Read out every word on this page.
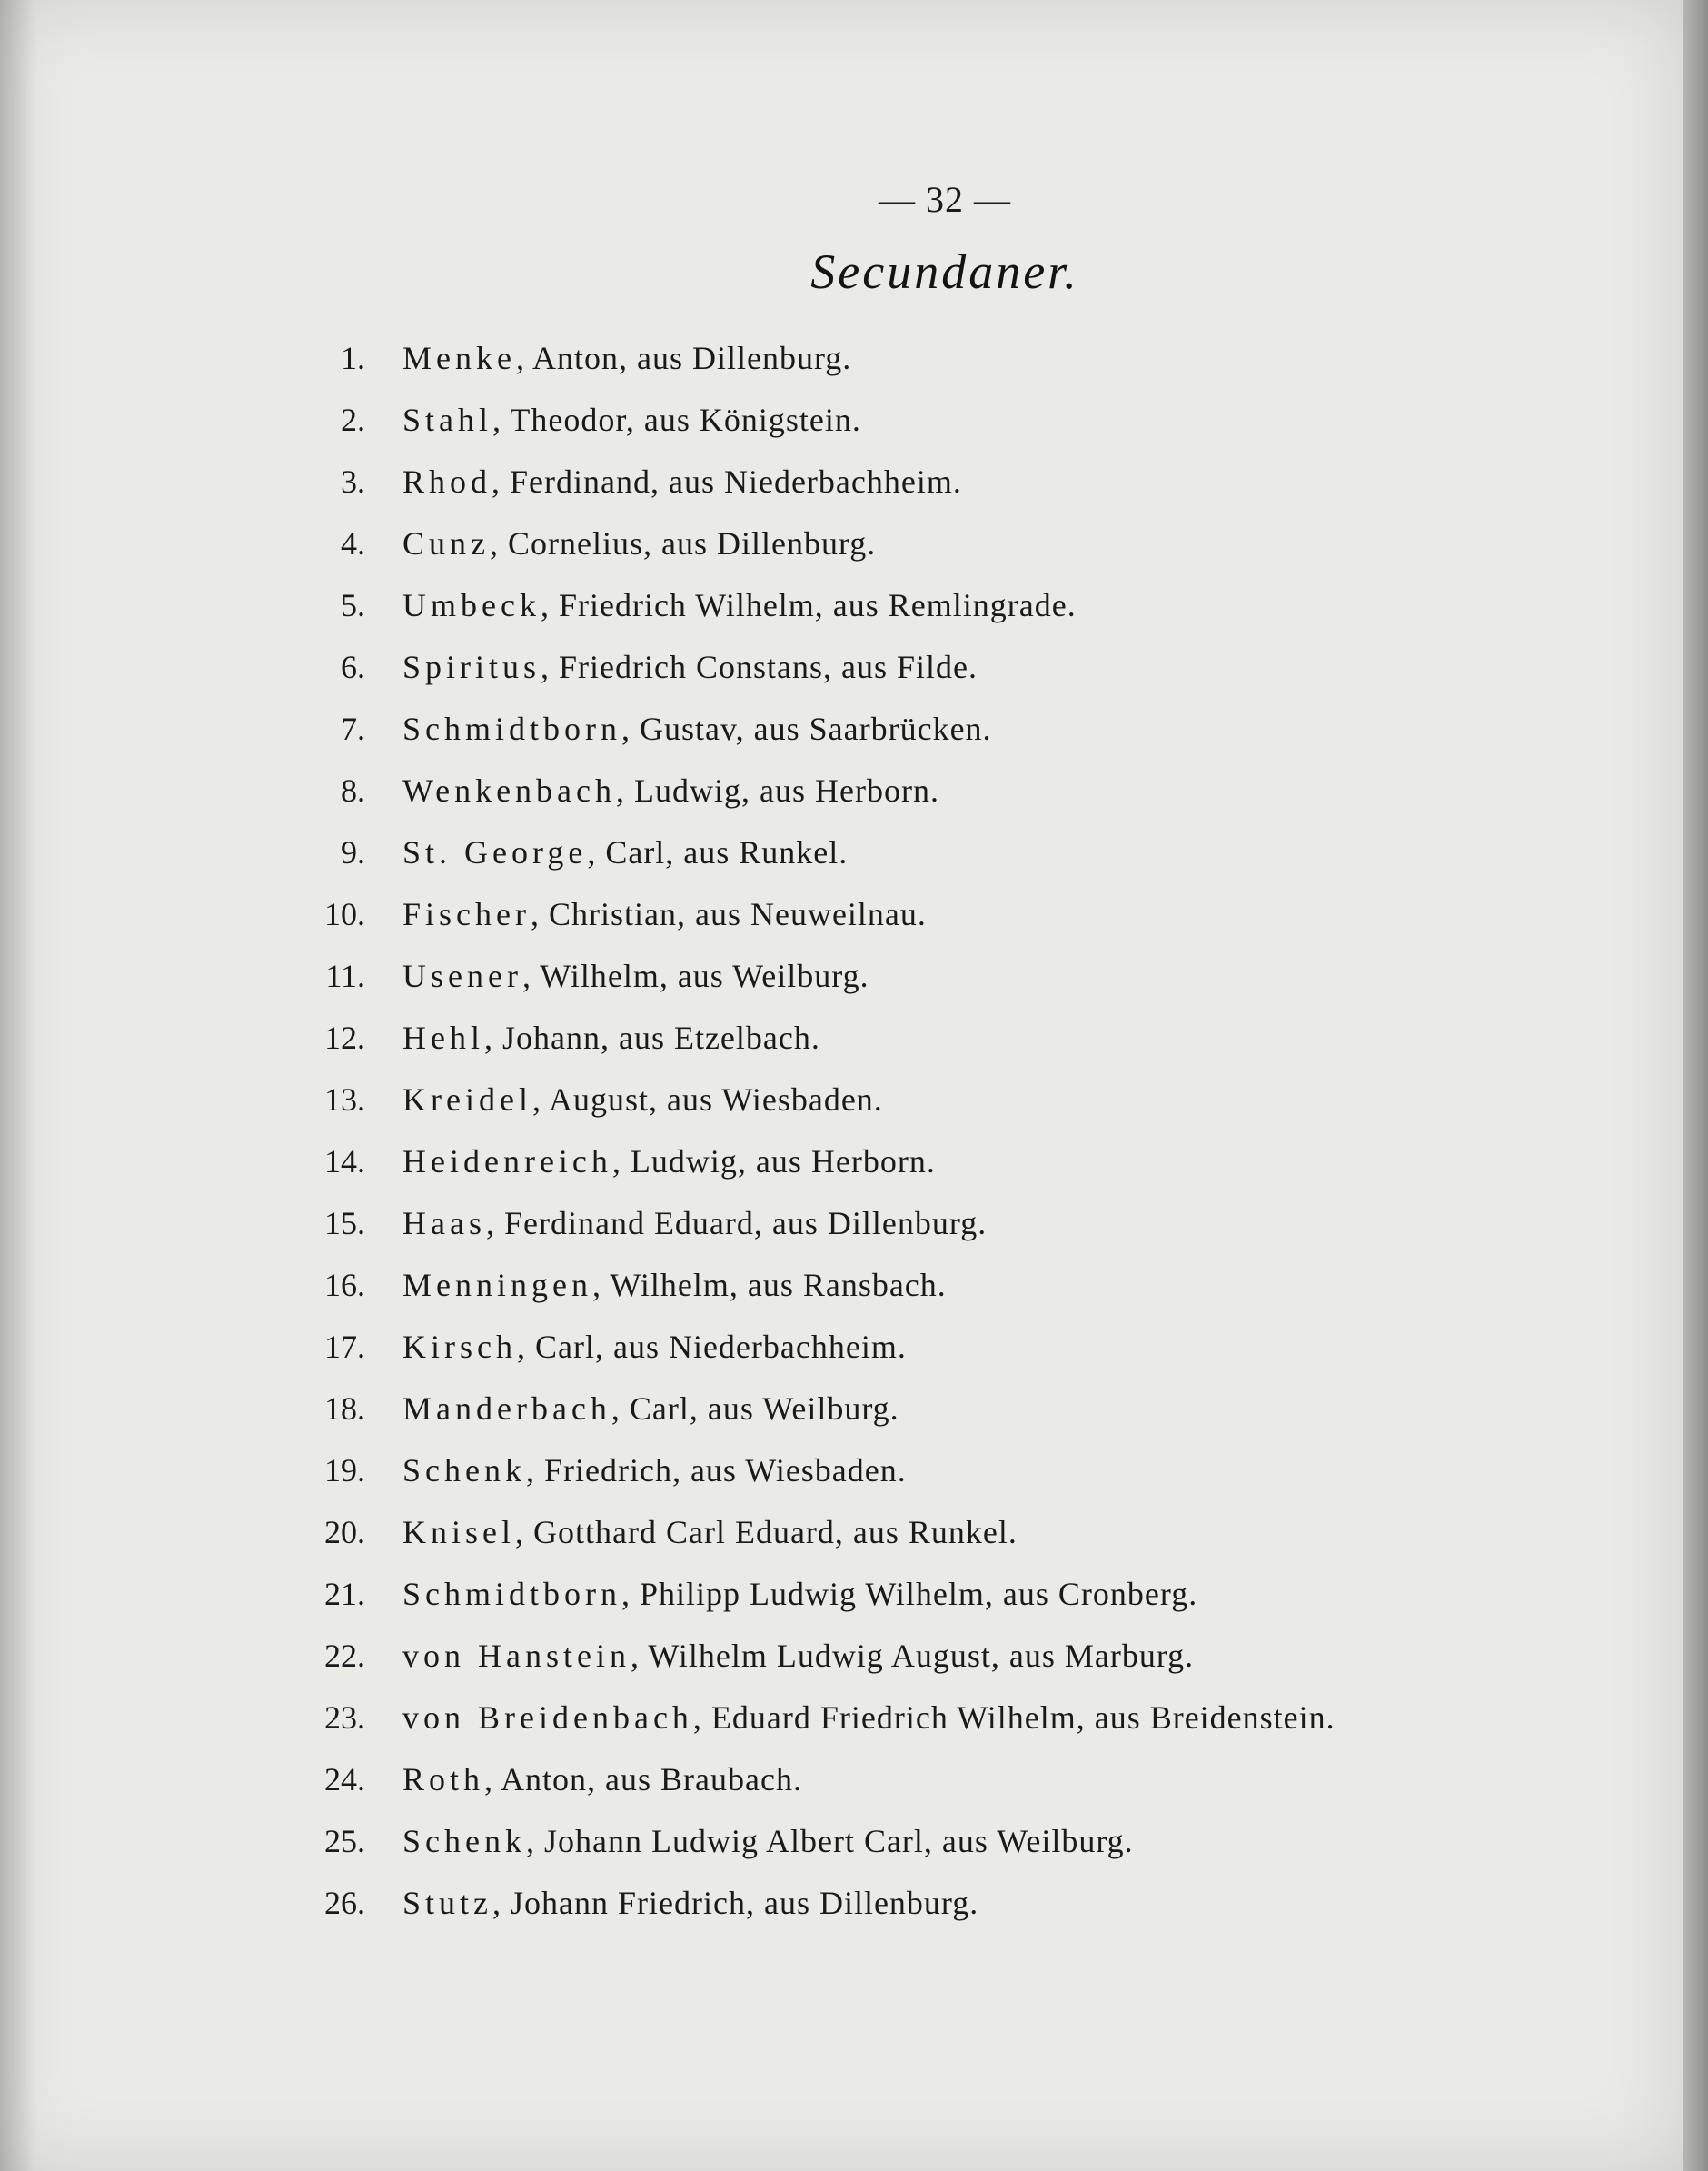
— 32 —
Secundaner.
1. Menke, Anton, aus Dillenburg.
2. Stahl, Theodor, aus Königstein.
3. Rhod, Ferdinand, aus Niederbachheim.
4. Cunz, Cornelius, aus Dillenburg.
5. Umbeck, Friedrich Wilhelm, aus Remlingrade.
6. Spiritus, Friedrich Constans, aus Filde.
7. Schmidtborn, Gustav, aus Saarbrücken.
8. Wenkenbach, Ludwig, aus Herborn.
9. St. George, Carl, aus Runkel.
10. Fischer, Christian, aus Neuweilnau.
11. Usener, Wilhelm, aus Weilburg.
12. Hehl, Johann, aus Etzelbach.
13. Kreidel, August, aus Wiesbaden.
14. Heidenreich, Ludwig, aus Herborn.
15. Haas, Ferdinand Eduard, aus Dillenburg.
16. Menningen, Wilhelm, aus Ransbach.
17. Kirsch, Carl, aus Niederbachheim.
18. Manderbach, Carl, aus Weilburg.
19. Schenk, Friedrich, aus Wiesbaden.
20. Knisel, Gotthard Carl Eduard, aus Runkel.
21. Schmidtborn, Philipp Ludwig Wilhelm, aus Cronberg.
22. von Hanstein, Wilhelm Ludwig August, aus Marburg.
23. von Breidenbach, Eduard Friedrich Wilhelm, aus Breidenstein.
24. Roth, Anton, aus Braubach.
25. Schenk, Johann Ludwig Albert Carl, aus Weilburg.
26. Stutz, Johann Friedrich, aus Dillenburg.
